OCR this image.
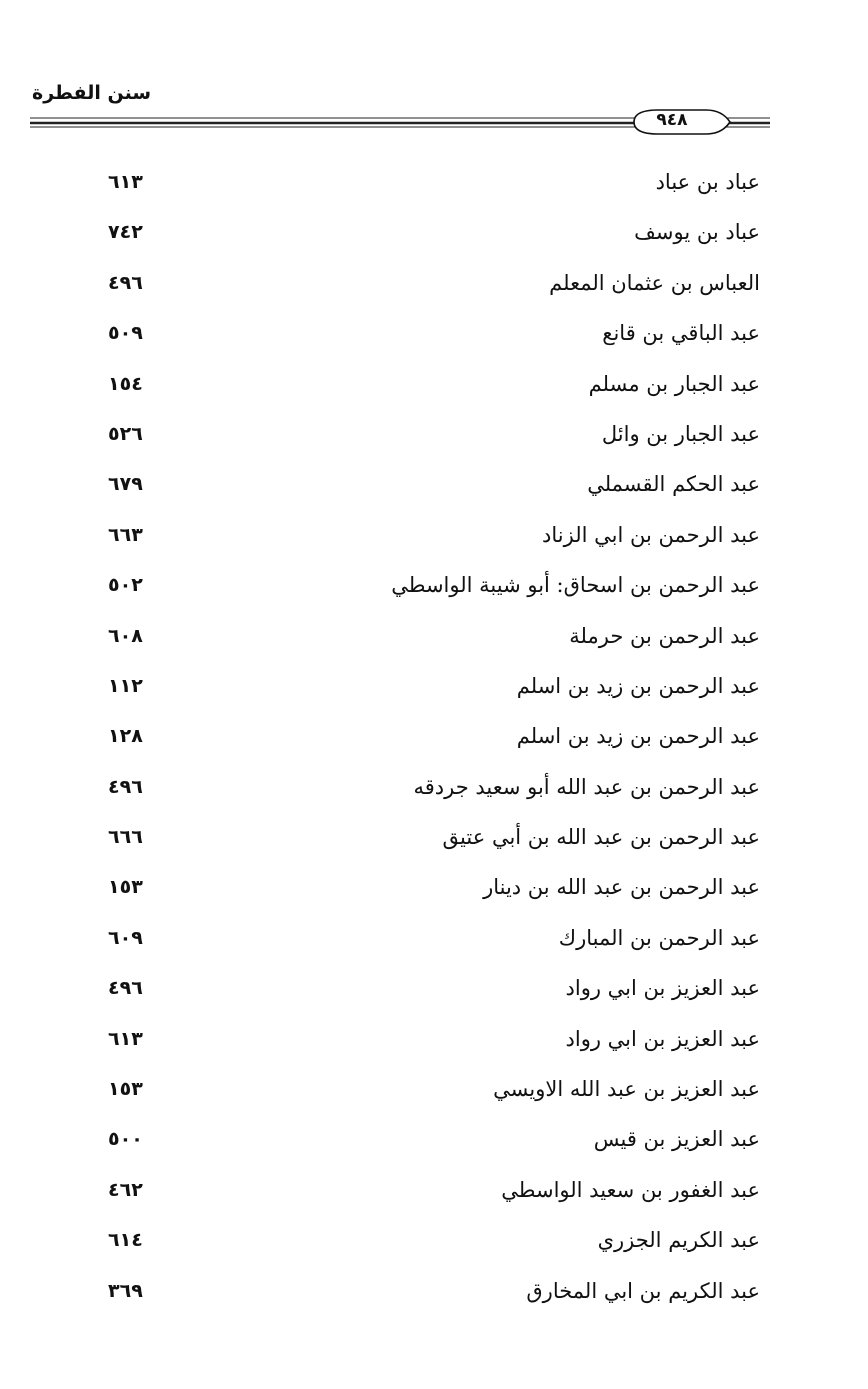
سنن الفطرة
٩٤٨
عباد بن عباد
٦١٣
عباد بن يوسف
٧٤٢
العباس بن عثمان المعلم
٤٩٦
عبد الباقي بن قانع
٥٠٩
عبد الجبار بن مسلم
١٥٤
عبد الجبار بن وائل
٥٢٦
عبد الحكم القسملي
٦٧٩
عبد الرحمن بن ابي الزناد
٦٦٣
عبد الرحمن بن اسحاق: أبو شيبة الواسطي
٥٠٢
عبد الرحمن بن حرملة
٦٠٨
عبد الرحمن بن زيد بن اسلم
١١٢
عبد الرحمن بن زيد بن اسلم
١٢٨
عبد الرحمن بن عبد الله أبو سعيد جردقه
٤٩٦
عبد الرحمن بن عبد الله بن أبي عتيق
٦٦٦
عبد الرحمن بن عبد الله بن دينار
١٥٣
عبد الرحمن بن المبارك
٦٠٩
عبد العزيز بن ابي رواد
٤٩٦
عبد العزيز بن ابي رواد
٦١٣
عبد العزيز بن عبد الله الاويسي
١٥٣
عبد العزيز بن قيس
٥٠٠
عبد الغفور بن سعيد الواسطي
٤٦٢
عبد الكريم الجزري
٦١٤
عبد الكريم بن ابي المخارق
٣٦٩
